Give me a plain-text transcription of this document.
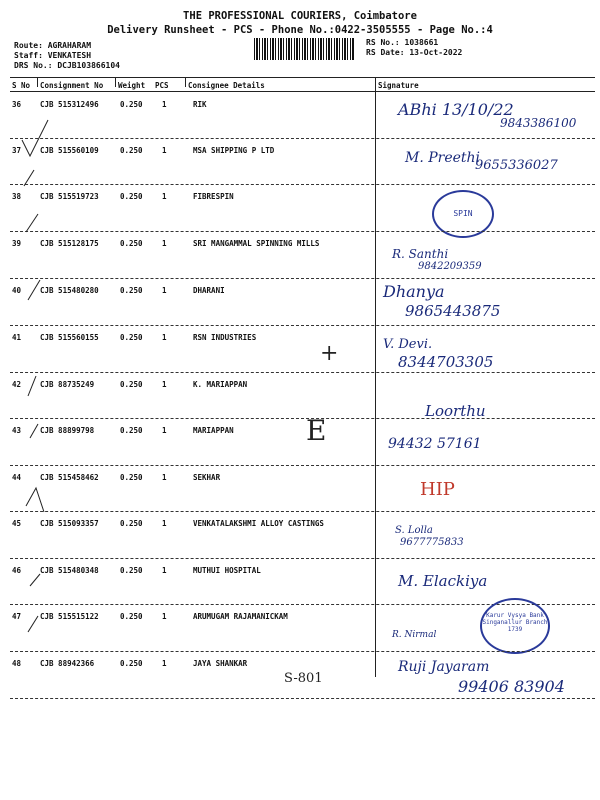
THE PROFESSIONAL COURIERS, Coimbatore
Delivery Runsheet - PCS - Phone No.:0422-3505555 - Page No.:4
Route: AGRAHARAM
Staff: VENKATESH
DRS No.: DCJB103866104
RS No.: 1038661
RS Date: 13-Oct-2022
S No Consignment No Weight PCS	Consignee Details	Signature
36	CJB 515312496	0.250	1	RIK	ABhi 13/10/22
9843386100
37	CJB 515560109	0.250	1	MSA SHIPPING P LTD	M. Preethi
9655336027
38	CJB 515519723	0.250	1	FIBRESPIN
SPIN
39	CJB 515128175	0.250	1	SRI MANGAMMAL SPINNING MILLS
R. Santhi
9842209359
40	CJB 515480280	0.250	1	DHARANI	Dhanya
9865443875
41	CJB 515560155	0.250	1	RSN INDUSTRIES
+	V. Devi.
8344703305
42	CJB 88735249	0.250	1	K. MARIAPPAN
Loorthu
43	CJB 88899798	0.250	1	MARIAPPAN	E	94432 57161
44	CJB 515458462	0.250	1	SEKHAR
HIP
45	CJB 515093357	0.250	1	VENKATALAKSHMI ALLOY CASTINGS
S. Lolla
9677775833
46	CJB 515480348	0.250	1	MUTHUI HOSPITAL
M. Elackiya
47	CJB 515515122	0.250	1	ARUMUGAM RAJAMANICKAM
R. Nirmal
Karur Vysya Bank
Singanallur Branch
1739
48	CJB 88942366	0.250	1	JAYA SHANKAR
S-801
Ruji Jayaram
99406 83904
